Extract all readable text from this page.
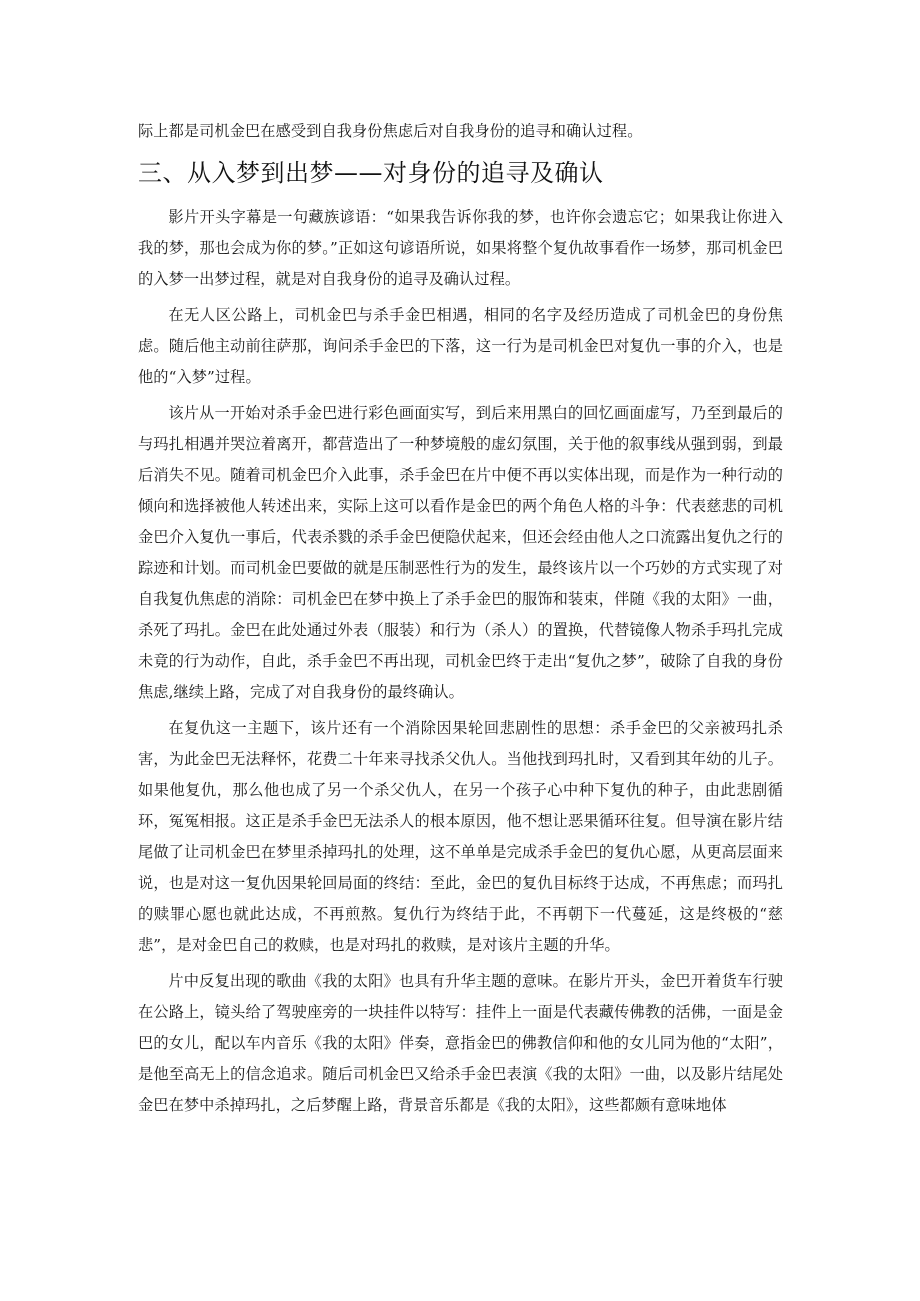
际上都是司机金巴在感受到自我身份焦虑后对自我身份的追寻和确认过程。

三、从入梦到出梦——对身份的追寻及确认

影片开头字幕是一句藏族谚语：“如果我告诉你我的梦，也许你会遗忘它；如果我让你进入我的梦，那也会成为你的梦。”正如这句谚语所说，如果将整个复仇故事看作一场梦，那司机金巴的入梦一出梦过程，就是对自我身份的追寻及确认过程。

在无人区公路上，司机金巴与杀手金巴相遇，相同的名字及经历造成了司机金巴的身份焦虑。随后他主动前往萨那，询问杀手金巴的下落，这一行为是司机金巴对复仇一事的介入，也是他的“入梦”过程。

该片从一开始对杀手金巴进行彩色画面实写，到后来用黑白的回忆画面虚写，乃至到最后的与玛扎相遇并哭泣着离开，都营造出了一种梦境般的虚幻氛围，关于他的叙事线从强到弱，到最后消失不见。随着司机金巴介入此事，杀手金巴在片中便不再以实体出现，而是作为一种行动的倾向和选择被他人转述出来，实际上这可以看作是金巴的两个角色人格的斗争：代表慈悲的司机金巴介入复仇一事后，代表杀戮的杀手金巴便隐伏起来，但还会经由他人之口流露出复仇之行的踪迹和计划。而司机金巴要做的就是压制恶性行为的发生，最终该片以一个巧妙的方式实现了对自我复仇焦虑的消除：司机金巴在梦中换上了杀手金巴的服饰和装束，伴随《我的太阳》一曲，杀死了玛扎。金巴在此处通过外表（服装）和行为（杀人）的置换，代替镜像人物杀手玛扎完成未竟的行为动作，自此，杀手金巴不再出现，司机金巴终于走出“复仇之梦”，破除了自我的身份焦虑,继续上路，完成了对自我身份的最终确认。

在复仇这一主题下，该片还有一个消除因果轮回悲剧性的思想：杀手金巴的父亲被玛扎杀害，为此金巴无法释怀，花费二十年来寻找杀父仇人。当他找到玛扎时，又看到其年幼的儿子。如果他复仇，那么他也成了另一个杀父仇人，在另一个孩子心中种下复仇的种子，由此悲剧循环，冤冤相报。这正是杀手金巴无法杀人的根本原因，他不想让恶果循环往复。但导演在影片结尾做了让司机金巴在梦里杀掉玛扎的处理，这不单单是完成杀手金巴的复仇心愿，从更高层面来说，也是对这一复仇因果轮回局面的终结：至此，金巴的复仇目标终于达成，不再焦虑；而玛扎的赎罪心愿也就此达成，不再煎熬。复仇行为终结于此，不再朝下一代蔓延，这是终极的“慈悲”，是对金巴自己的救赎，也是对玛扎的救赎，是对该片主题的升华。

片中反复出现的歌曲《我的太阳》也具有升华主题的意味。在影片开头，金巴开着货车行驶在公路上，镜头给了驾驶座旁的一块挂件以特写：挂件上一面是代表藏传佛教的活佛，一面是金巴的女儿，配以车内音乐《我的太阳》伴奏，意指金巴的佛教信仰和他的女儿同为他的“太阳”，是他至高无上的信念追求。随后司机金巴又给杀手金巴表演《我的太阳》一曲，以及影片结尾处金巴在梦中杀掉玛扎，之后梦醒上路，背景音乐都是《我的太阳》，这些都颇有意味地体
